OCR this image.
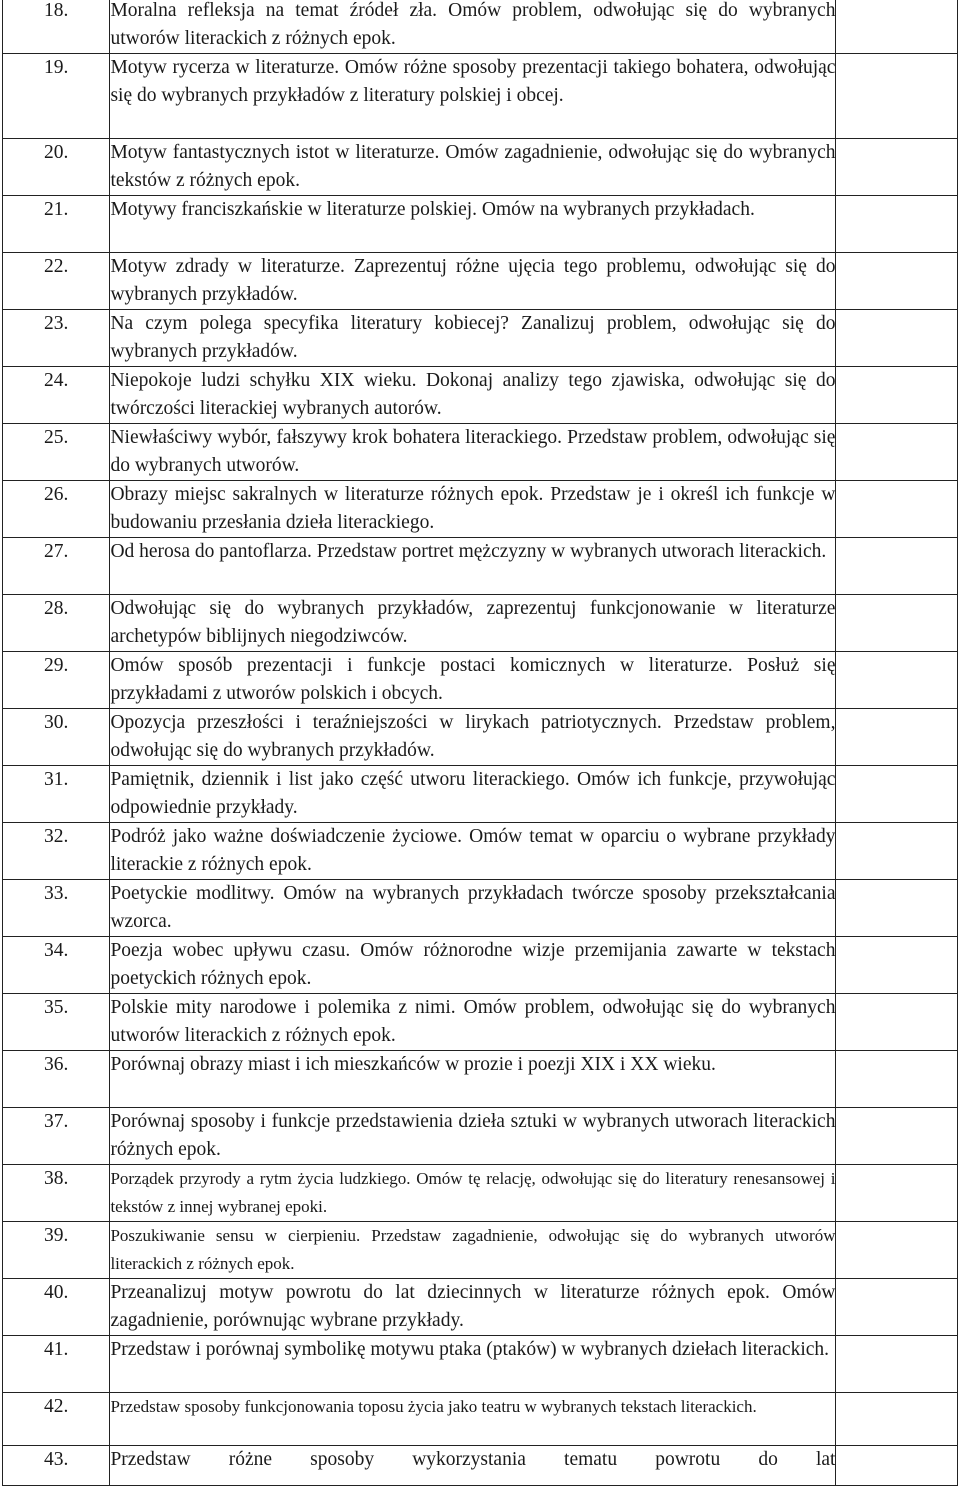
18.	Moralna refleksja na temat źródeł zła. Omów problem, odwołując się do wybranych utworów literackich z różnych epok.	
19.	Motyw rycerza w literaturze. Omów różne sposoby prezentacji takiego bohatera, odwołując się do wybranych przykładów z literatury polskiej i obcej.	
20.	Motyw fantastycznych istot w literaturze. Omów zagadnienie, odwołując się do wybranych tekstów z różnych epok.	
21.	Motywy franciszkańskie w literaturze polskiej. Omów na wybranych przykładach.	
22.	Motyw zdrady w literaturze. Zaprezentuj różne ujęcia tego problemu, odwołując się do wybranych przykładów.	
23.	Na czym polega specyfika literatury kobiecej? Zanalizuj problem, odwołując się do wybranych przykładów.	
24.	Niepokoje ludzi schyłku XIX wieku. Dokonaj analizy tego zjawiska, odwołując się do twórczości literackiej wybranych autorów.	
25.	Niewłaściwy wybór, fałszywy krok bohatera literackiego. Przedstaw problem, odwołując się do wybranych utworów.	
26.	Obrazy miejsc sakralnych w literaturze różnych epok. Przedstaw je i określ ich funkcje w budowaniu przesłania dzieła literackiego.	
27.	Od herosa do pantoflarza. Przedstaw portret mężczyzny w wybranych utworach literackich.	
28.	Odwołując się do wybranych przykładów, zaprezentuj funkcjonowanie w literaturze archetypów biblijnych niegodziwców.	
29.	Omów sposób prezentacji i funkcje postaci komicznych w literaturze. Posłuż się przykładami z utworów polskich i obcych.	
30.	Opozycja przeszłości i teraźniejszości w lirykach patriotycznych. Przedstaw problem, odwołując się do wybranych przykładów.	
31.	Pamiętnik, dziennik i list jako część utworu literackiego. Omów ich funkcje, przywołując odpowiednie przykłady.	
32.	Podróż jako ważne doświadczenie życiowe. Omów temat w oparciu o wybrane przykłady literackie z różnych epok.	
33.	Poetyckie modlitwy. Omów na wybranych przykładach twórcze sposoby przekształcania wzorca.	
34.	Poezja wobec upływu czasu. Omów różnorodne wizje przemijania zawarte w tekstach poetyckich różnych epok.	
35.	Polskie mity narodowe i polemika z nimi. Omów problem, odwołując się do wybranych utworów literackich z różnych epok.	
36.	Porównaj obrazy miast i ich mieszkańców w prozie i poezji XIX i XX wieku.	
37.	Porównaj sposoby i funkcje przedstawienia dzieła sztuki w wybranych utworach literackich różnych epok.	
38.	Porządek przyrody a rytm życia ludzkiego. Omów tę relację, odwołując się do literatury renesansowej i tekstów z innej wybranej epoki.	
39.	Poszukiwanie sensu w cierpieniu. Przedstaw zagadnienie, odwołując się do wybranych utworów literackich z różnych epok.	
40.	Przeanalizuj motyw powrotu do lat dziecinnych w literaturze różnych epok. Omów zagadnienie, porównując wybrane przykłady.	
41.	Przedstaw i porównaj symbolikę motywu ptaka (ptaków) w wybranych dziełach literackich.	
42.	Przedstaw sposoby funkcjonowania toposu życia jako teatru w wybranych tekstach literackich.	
43.	Przedstaw różne sposoby wykorzystania tematu powrotu do lat	
